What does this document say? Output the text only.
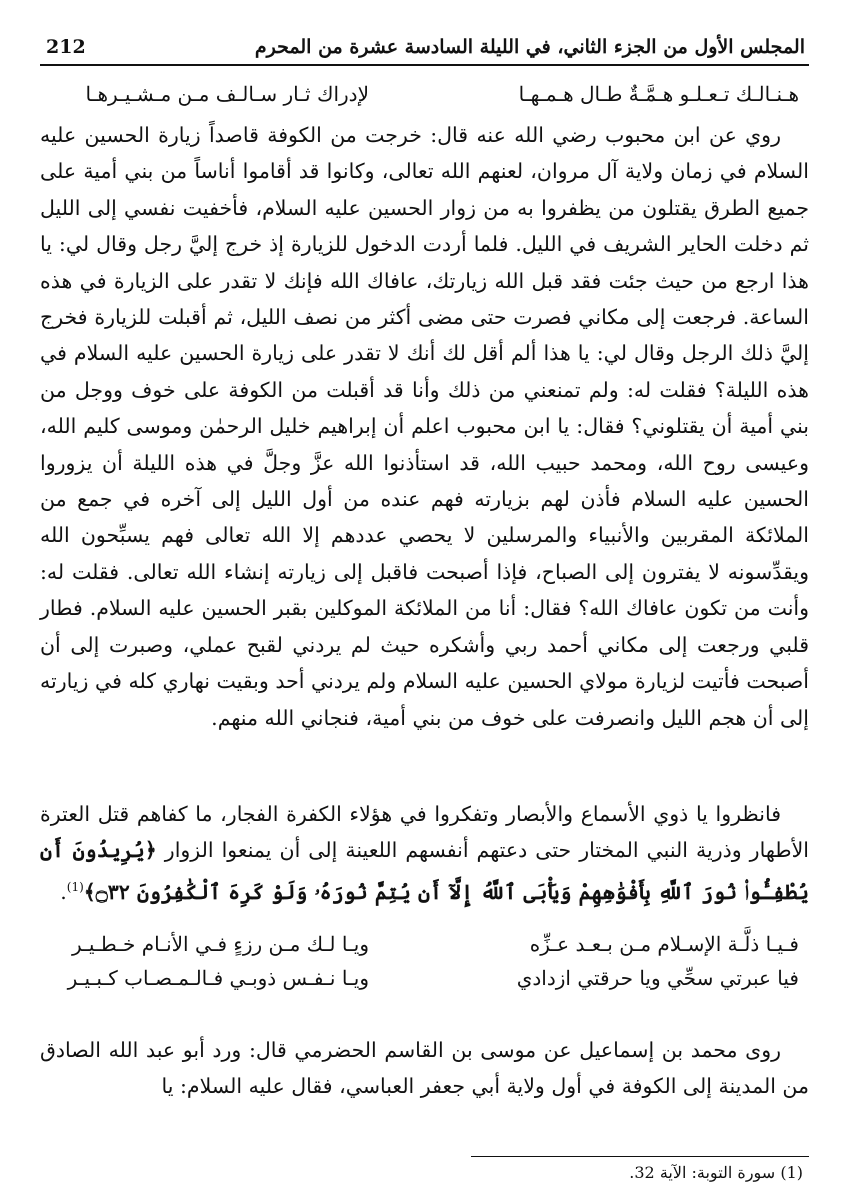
المجلس الأول من الجزء الثاني، في الليلة السادسة عشرة من المحرم
212
هـنـالـك تـعـلـو هـمَّـةٌ طـال هـمـهـا
لإدراك ثـار سـالـف مـن مـشـيـرهـا
روي عن ابن محبوب رضي الله عنه قال: خرجت من الكوفة قاصداً زيارة الحسين عليه السلام في زمان ولاية آل مروان، لعنهم الله تعالى، وكانوا قد أقاموا أناساً من بني أمية على جميع الطرق يقتلون من يظفروا به من زوار الحسين عليه السلام، فأخفيت نفسي إلى الليل ثم دخلت الحاير الشريف في الليل. فلما أردت الدخول للزيارة إذ خرج إليَّ رجل وقال لي: يا هذا ارجع من حيث جئت فقد قبل الله زيارتك، عافاك الله فإنك لا تقدر على الزيارة في هذه الساعة. فرجعت إلى مكاني فصرت حتى مضى أكثر من نصف الليل، ثم أقبلت للزيارة فخرج إليَّ ذلك الرجل وقال لي: يا هذا ألم أقل لك أنك لا تقدر على زيارة الحسين عليه السلام في هذه الليلة؟ فقلت له: ولم تمنعني من ذلك وأنا قد أقبلت من الكوفة على خوف ووجل من بني أمية أن يقتلوني؟ فقال: يا ابن محبوب اعلم أن إبراهيم خليل الرحمٰن وموسى كليم الله، وعيسى روح الله، ومحمد حبيب الله، قد استأذنوا الله عزَّ وجلَّ في هذه الليلة أن يزوروا الحسين عليه السلام فأذن لهم بزيارته فهم عنده من أول الليل إلى آخره في جمع من الملائكة المقربين والأنبياء والمرسلين لا يحصي عددهم إلا الله تعالى فهم يسبِّحون الله ويقدِّسونه لا يفترون إلى الصباح، فإذا أصبحت فاقبل إلى زيارته إنشاء الله تعالى. فقلت له: وأنت من تكون عافاك الله؟ فقال: أنا من الملائكة الموكلين بقبر الحسين عليه السلام. فطار قلبي ورجعت إلى مكاني أحمد ربي وأشكره حيث لم يردني لقبح عملي، وصبرت إلى أن أصبحت فأتيت لزيارة مولاي الحسين عليه السلام ولم يردني أحد وبقيت نهاري كله في زيارته إلى أن هجم الليل وانصرفت على خوف من بني أمية، فنجاني الله منهم.
فانظروا يا ذوي الأسماع والأبصار وتفكروا في هؤلاء الكفرة الفجار، ما كفاهم قتل العترة الأطهار وذرية النبي المختار حتى دعتهم أنفسهم اللعينة إلى أن يمنعوا الزوار ﴿يُرِيدُونَ أَن يُطْفِـُٔوا۟ نُورَ ٱللَّهِ بِأَفْوَٰهِهِمْ وَيَأْبَى ٱللَّهُ إِلَّآ أَن يُتِمَّ نُورَهُۥ وَلَوْ كَرِهَ ٱلْكَٰفِرُونَ ۝٣٢﴾$^{(1)}$.
فـيـا ذلَّـة الإسـلام مـن بـعـد عـزِّه
ويـا لـك مـن رزءٍ فـي الأنـام خـطـيـر
فيا عبرتي سحِّي ويا حرقتي ازدادي
ويـا نـفـس ذوبـي فـالـمـصـاب كـبـيـر
روى محمد بن إسماعيل عن موسى بن القاسم الحضرمي قال: ورد أبو عبد الله الصادق من المدينة إلى الكوفة في أول ولاية أبي جعفر العباسي، فقال عليه السلام: يا
(1) سورة التوبة: الآية 32.
